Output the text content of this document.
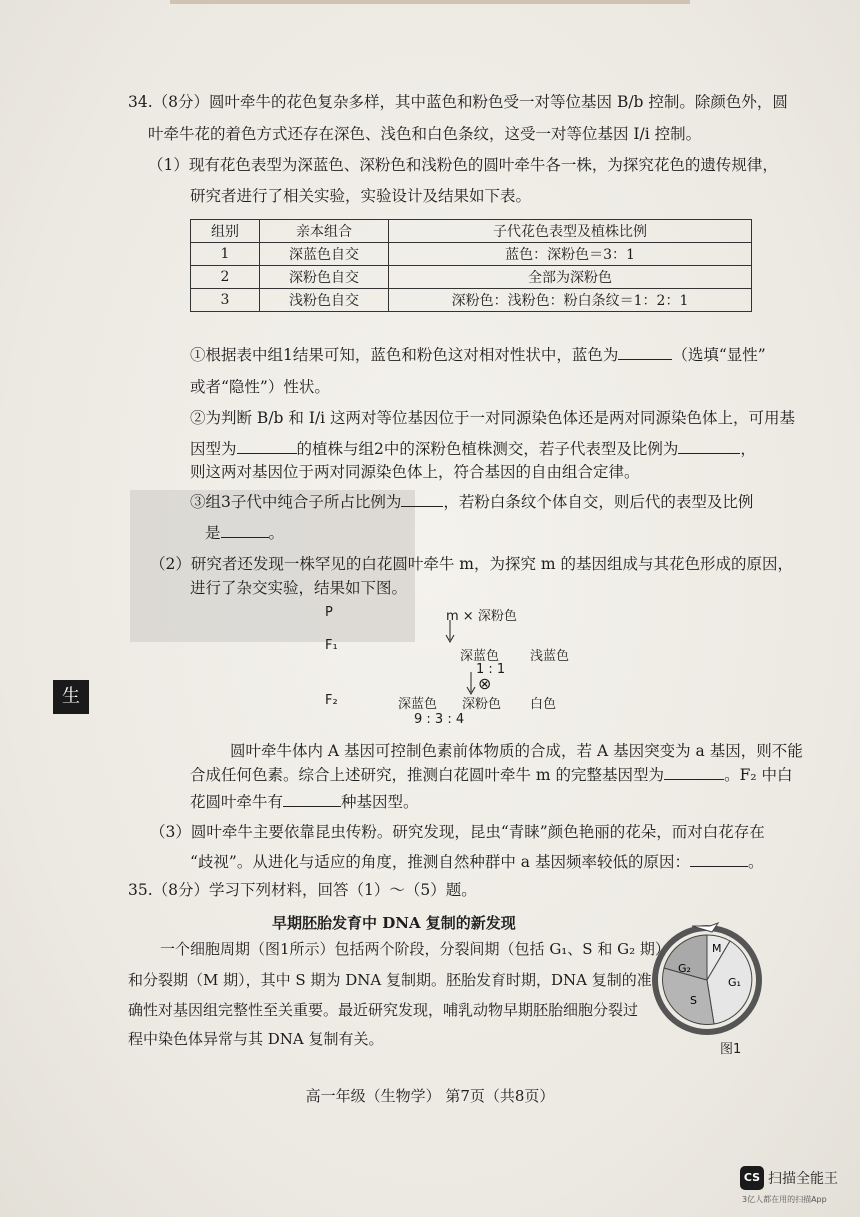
34.（8分）圆叶牵牛的花色复杂多样，其中蓝色和粉色受一对等位基因 B/b 控制。除颜色外，圆
叶牵牛花的着色方式还存在深色、浅色和白色条纹，这受一对等位基因 I/i 控制。
（1）现有花色表型为深蓝色、深粉色和浅粉色的圆叶牵牛各一株，为探究花色的遗传规律，
研究者进行了相关实验，实验设计及结果如下表。
组别	亲本组合	子代花色表型及植株比例
1	深蓝色自交	蓝色：深粉色＝3：1
2	深粉色自交	全部为深粉色
3	浅粉色自交	深粉色：浅粉色：粉白条纹＝1：2：1
①根据表中组1结果可知，蓝色和粉色这对相对性状中，蓝色为	（选填“显性”
或者“隐性”）性状。
②为判断 B/b 和 I/i 这两对等位基因位于一对同源染色体还是两对同源染色体上，可用基
因型为	的植株与组2中的深粉色植株测交，若子代表型及比例为	，
则这两对基因位于两对同源染色体上，符合基因的自由组合定律。
③组3子代中纯合子所占比例为	，若粉白条纹个体自交，则后代的表型及比例
是	。
（2）研究者还发现一株罕见的白花圆叶牵牛 m，为探究 m 的基因组成与其花色形成的原因，
进行了杂交实验，结果如下图。
P	m × 深粉色
F₁
深蓝色 浅蓝色
1 : 1
⊗
F₂	深蓝色 深粉色 白色
9 : 3 : 4
生
圆叶牵牛体内 A 基因可控制色素前体物质的合成，若 A 基因突变为 a 基因，则不能
合成任何色素。综合上述研究，推测白花圆叶牵牛 m 的完整基因型为	。F₂ 中白
花圆叶牵牛有	种基因型。
（3）圆叶牵牛主要依靠昆虫传粉。研究发现，昆虫“青睐”颜色艳丽的花朵，而对白花存在
“歧视”。从进化与适应的角度，推测自然种群中 a 基因频率较低的原因：	。
35.（8分）学习下列材料，回答（1）～（5）题。
早期胚胎发育中 DNA 复制的新发现
一个细胞周期（图1所示）包括两个阶段，分裂间期（包括 G₁、S 和 G₂ 期）
和分裂期（M 期），其中 S 期为 DNA 复制期。胚胎发育时期，DNA 复制的准
确性对基因组完整性至关重要。最近研究发现，哺乳动物早期胚胎细胞分裂过
程中染色体异常与其 DNA 复制有关。
M
G₁
G₂
S
图1
高一年级（生物学） 第7页（共8页）
CS 扫描全能王
3亿人都在用的扫描App
